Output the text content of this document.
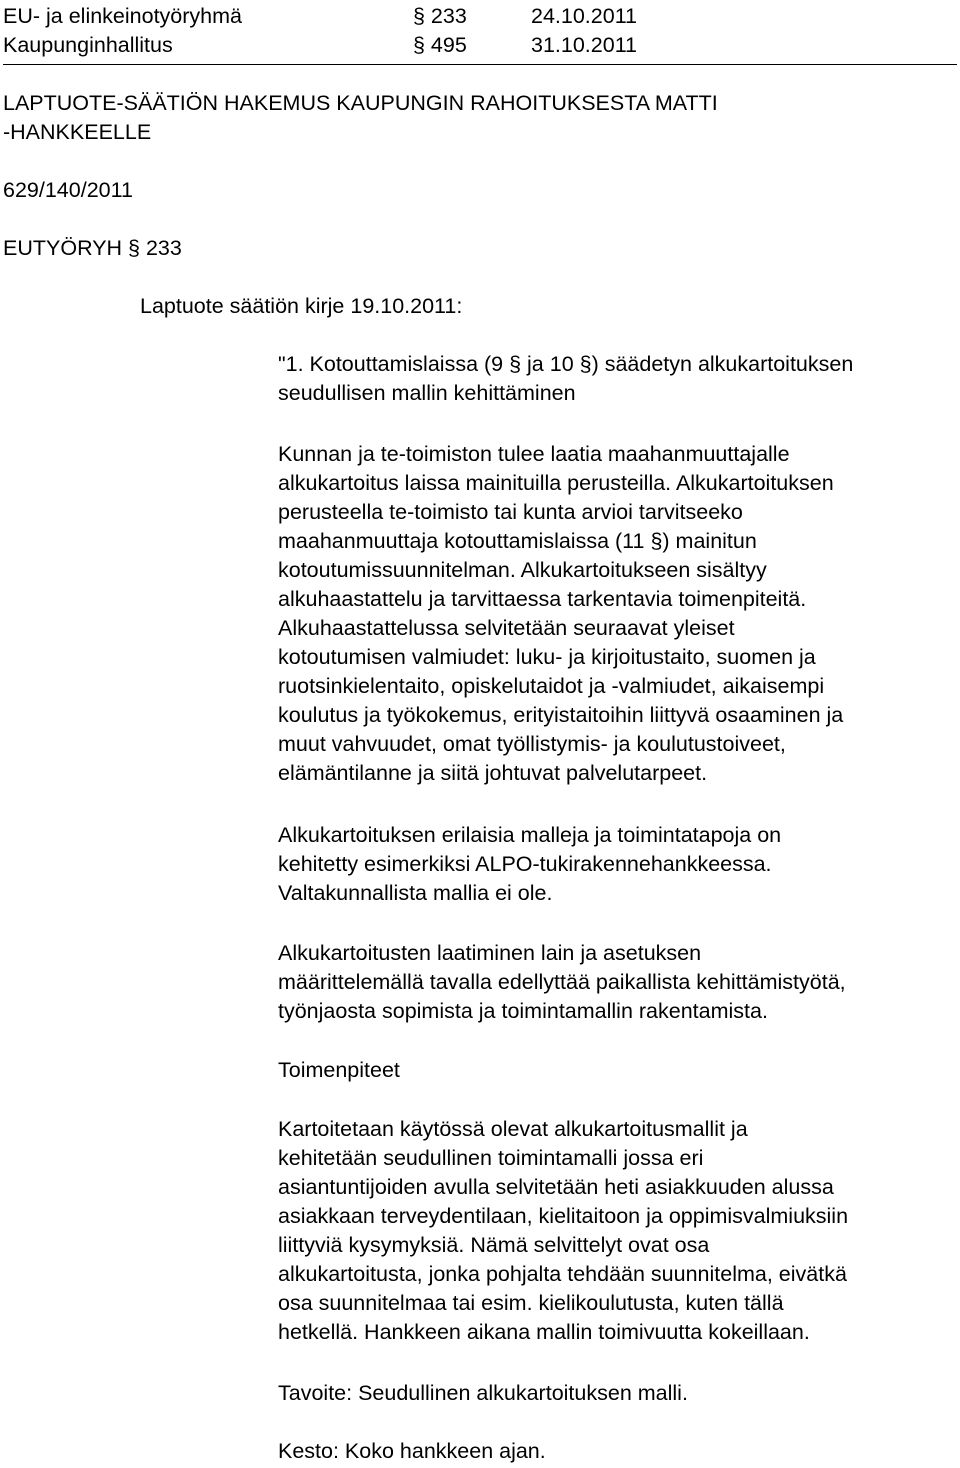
EU- ja elinkeinotyöryhmä	§ 233	24.10.2011
Kaupunginhallitus	§ 495	31.10.2011
LAPTUOTE-SÄÄTIÖN HAKEMUS KAUPUNGIN RAHOITUKSESTA MATTI
-HANKKEELLE
629/140/2011
EUTYÖRYH § 233
Laptuote säätiön kirje 19.10.2011:
"1. Kotouttamislaissa (9 § ja 10 §) säädetyn alkukartoituksen
seudullisen mallin kehittäminen
Kunnan ja te-toimiston tulee laatia maahanmuuttajalle
alkukartoitus laissa mainituilla perusteilla. Alkukartoituksen
perusteella te-toimisto tai kunta arvioi tarvitseeko
maahanmuuttaja kotouttamislaissa (11 §) mainitun
kotoutumissuunnitelman. Alkukartoitukseen sisältyy
alkuhaastattelu ja tarvittaessa tarkentavia toimenpiteitä.
Alkuhaastattelussa selvitetään seuraavat yleiset
kotoutumisen valmiudet: luku- ja kirjoitustaito, suomen ja
ruotsinkielentaito, opiskelutaidot ja -valmiudet, aikaisempi
koulutus ja työkokemus, erityistaitoihin liittyvä osaaminen ja
muut vahvuudet, omat työllistymis- ja koulutustoiveet,
elämäntilanne ja siitä johtuvat palvelutarpeet.
Alkukartoituksen erilaisia malleja ja toimintatapoja on
kehitetty esimerkiksi ALPO-tukirakennehankkeessa.
Valtakunnallista mallia ei ole.
Alkukartoitusten laatiminen lain ja asetuksen
määrittelemällä tavalla edellyttää paikallista kehittämistyötä,
työnjaosta sopimista ja toimintamallin rakentamista.
Toimenpiteet
Kartoitetaan käytössä olevat alkukartoitusmallit ja
kehitetään seudullinen toimintamalli jossa eri
asiantuntijoiden avulla selvitetään heti asiakkuuden alussa
asiakkaan terveydentilaan, kielitaitoon ja oppimisvalmiuksiin
liittyviä kysymyksiä. Nämä selvittelyt ovat osa
alkukartoitusta, jonka pohjalta tehdään suunnitelma, eivätkä
osa suunnitelmaa tai esim. kielikoulutusta, kuten tällä
hetkellä. Hankkeen aikana mallin toimivuutta kokeillaan.
Tavoite: Seudullinen alkukartoituksen malli.
Kesto: Koko hankkeen ajan.
